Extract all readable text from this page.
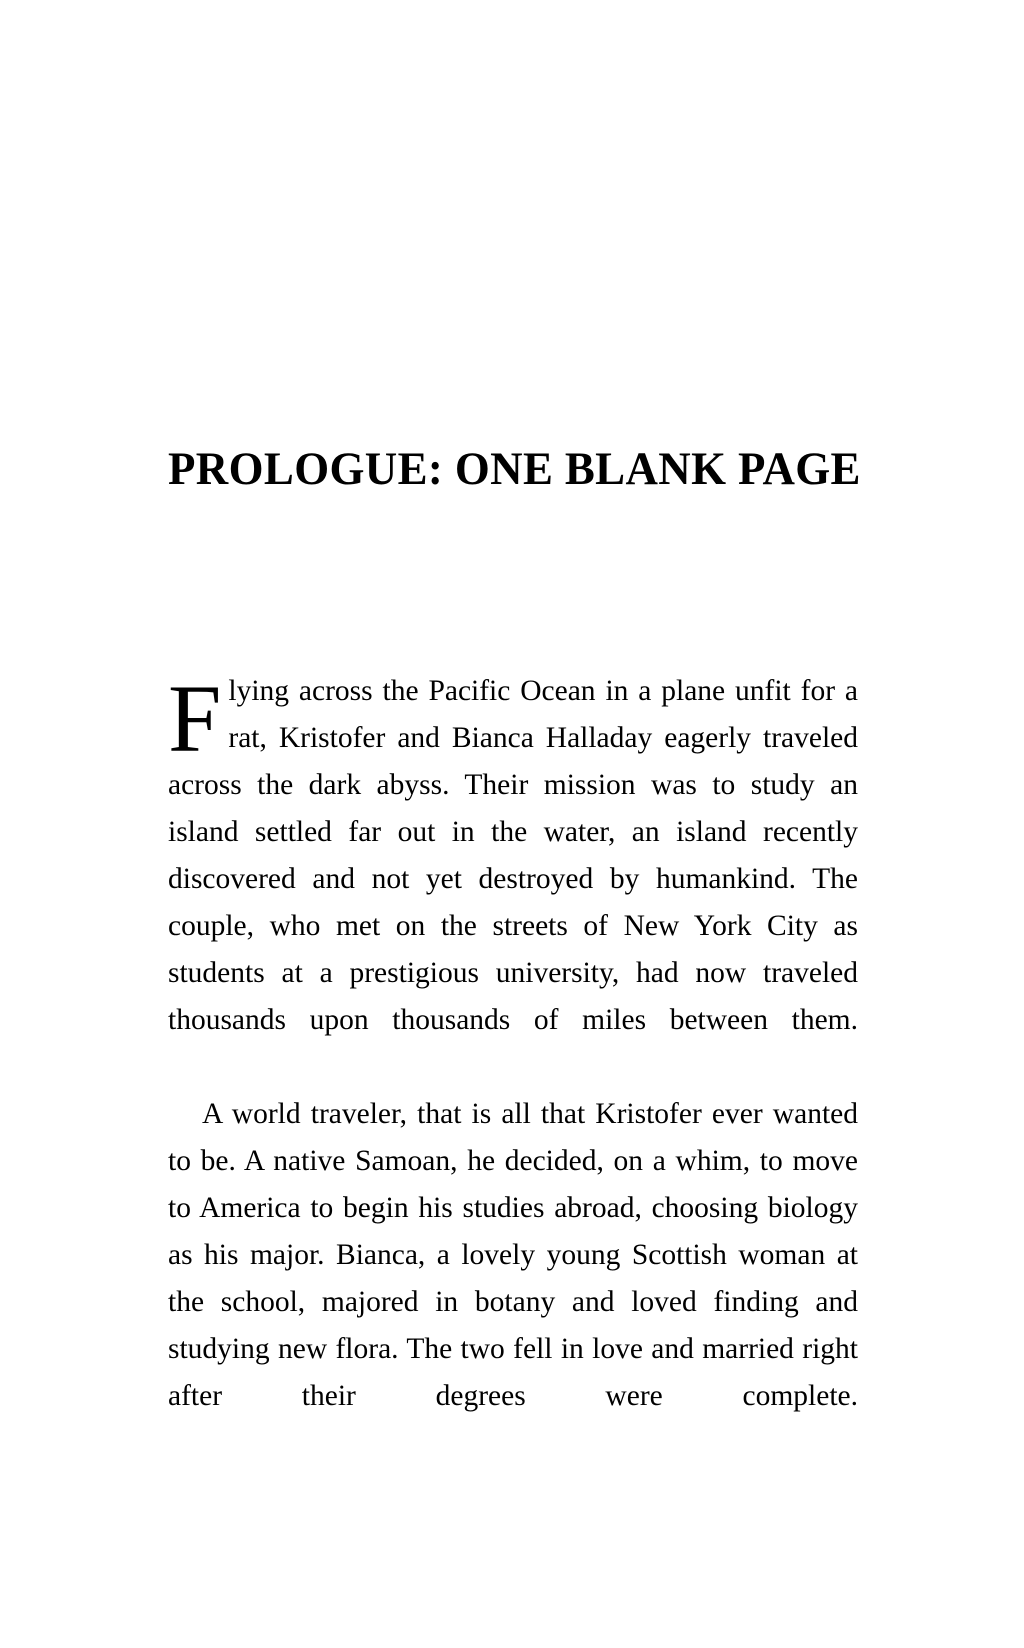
PROLOGUE: ONE BLANK PAGE

Flying across the Pacific Ocean in a plane unfit for a rat, Kristofer and Bianca Halladay eagerly traveled across the dark abyss. Their mission was to study an island settled far out in the water, an island recently discovered and not yet destroyed by humankind. The couple, who met on the streets of New York City as students at a prestigious university, had now traveled thousands upon thousands of miles between them.

A world traveler, that is all that Kristofer ever wanted to be. A native Samoan, he decided, on a whim, to move to America to begin his studies abroad, choosing biology as his major. Bianca, a lovely young Scottish woman at the school, majored in botany and loved finding and studying new flora. The two fell in love and married right after their degrees were complete.
